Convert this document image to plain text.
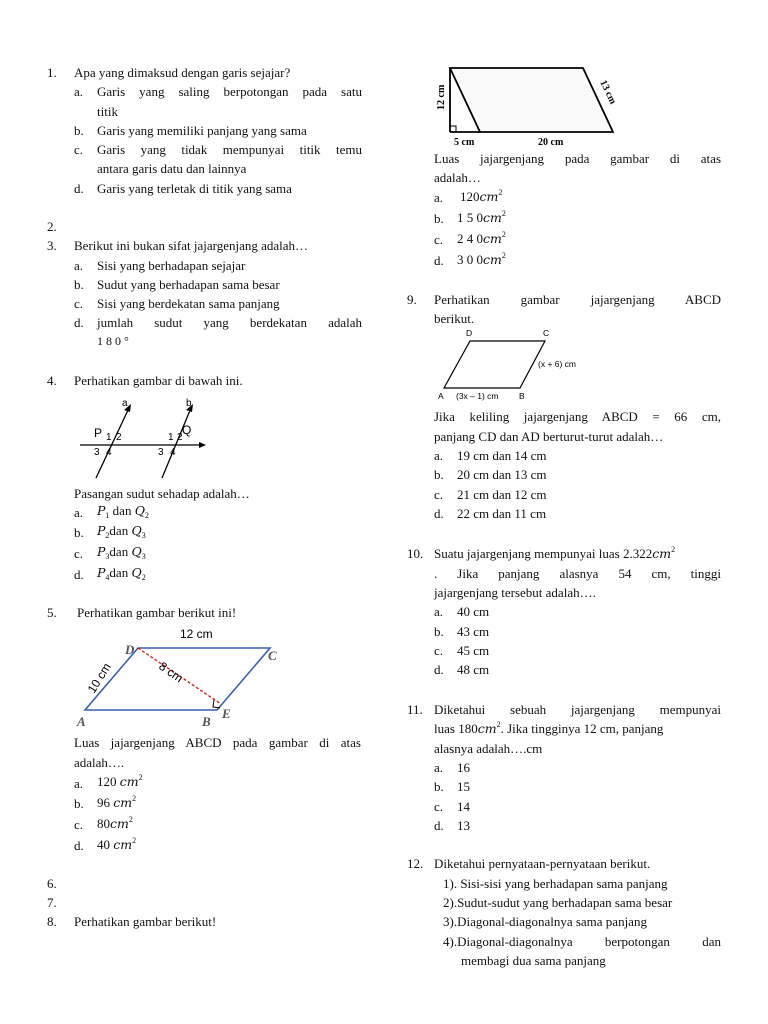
1. Apa yang dimaksud dengan garis sejajar?
a. Garis yang saling berpotongan pada satu
titik
b. Garis yang memiliki panjang yang sama
c. Garis yang tidak mempunyai titik temu
antara garis datu dan lainnya
d. Garis yang terletak di titik yang sama
2.
3. Berikut ini bukan sifat jajargenjang adalah…
a. Sisi yang berhadapan sejajar
b. Sudut yang berhadapan sama besar
c. Sisi yang berdekatan sama panjang
d. jumlah sudut yang berdekatan adalah
1 8 0 °
4. Perhatikan gambar di bawah ini.
a	b
P	Q
1 2
3 4
1 2
3 4
Pasangan sudut sehadap adalah…
a. $P_1$ dan $Q_2$
b. $P_2dan$ $Q_3$
c. $P_3dan$ $Q_3$
d. $P_4dan$ $Q_2$
5. Perhatikan gambar berikut ini!
12 cm
10 cm	8 cm
A	B
C
D
E
Luas jajargenjang ABCD pada gambar di atas
adalah….
a. 120 $cm^2$
b. 96 $cm^2$
c. $80cm^2$
d. 40 $cm^2$
6.
7.
8. Perhatikan gambar berikut!
12 cm	13 cm
5 cm	20 cm
Luas jajargenjang pada gambar di atas
adalah…
a. $120cm^2$
b. 1 5 $0cm^2$
c. 2 4 $0cm^2$
d. 3 0 $0cm^2$
9. Perhatikan gambar jajargenjang ABCD
berikut.
D	C
A	B
(x + 6) cm
(3x – 1) cm
Jika keliling jajargenjang ABCD = 66 cm,
panjang CD dan AD berturut-turut adalah…
a. 19 cm dan 14 cm
b. 20 cm dan 13 cm
c. 21 cm dan 12 cm
d. 22 cm dan 11 cm
10. Suatu jajargenjang mempunyai luas $2.322cm^2$
. Jika panjang alasnya 54 cm, tinggi
jajargenjang tersebut adalah….
a. 40 cm
b. 43 cm
c. 45 cm
d. 48 cm
11. Diketahui sebuah jajargenjang mempunyai
luas $180cm^2$. Jika tingginya 12 cm, panjang
alasnya adalah….cm
a. 16
b. 15
c. 14
d. 13
12. Diketahui pernyataan-pernyataan berikut.
1). Sisi-sisi yang berhadapan sama panjang
2).Sudut-sudut yang berhadapan sama besar
3).Diagonal-diagonalnya sama panjang
4).Diagonal-diagonalnya berpotongan dan
membagi dua sama panjang
